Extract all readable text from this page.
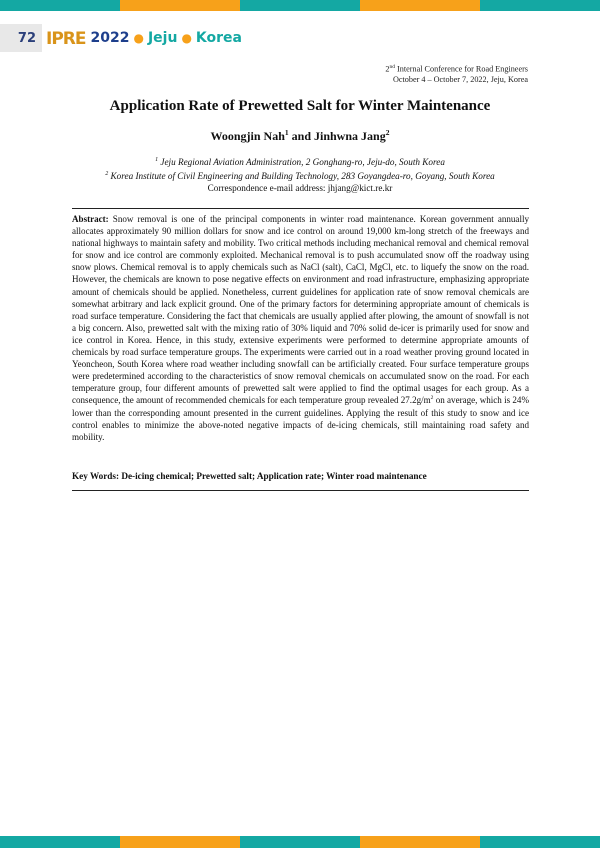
72 IPRE 2022 ● Jeju ● Korea
2nd Internal Conference for Road Engineers
October 4 – October 7, 2022, Jeju, Korea
Application Rate of Prewetted Salt for Winter Maintenance
Woongjin Nah$^1$ and Jinhwna Jang$^2$
$^1$ Jeju Regional Aviation Administration, 2 Gonghang-ro, Jeju-do, South Korea
$^2$ Korea Institute of Civil Engineering and Building Technology, 283 Goyangdea-ro, Goyang, South Korea
Correspondence e-mail address: jhjang@kict.re.kr
Abstract: Snow removal is one of the principal components in winter road maintenance. Korean government annually allocates approximately 90 million dollars for snow and ice control on around 19,000 km-long stretch of the freeways and national highways to maintain safety and mobility. Two critical methods including mechanical removal and chemical removal for snow and ice control are commonly exploited. Mechanical removal is to push accumulated snow off the roadway using snow plows. Chemical removal is to apply chemicals such as NaCl (salt), CaCl, MgCl, etc. to liquefy the snow on the road. However, the chemicals are known to pose negative effects on environment and road infrastructure, emphasizing appropriate amount of chemicals should be applied. Nonetheless, current guidelines for application rate of snow removal chemicals are somewhat arbitrary and lack explicit ground. One of the primary factors for determining appropriate amount of chemicals is road surface temperature. Considering the fact that chemicals are usually applied after plowing, the amount of snowfall is not a big concern. Also, prewetted salt with the mixing ratio of 30% liquid and 70% solid de-icer is primarily used for snow and ice control in Korea. Hence, in this study, extensive experiments were performed to determine appropriate amounts of chemicals by road surface temperature groups. The experiments were carried out in a road weather proving ground located in Yeoncheon, South Korea where road weather including snowfall can be artificially created. Four surface temperature groups were predetermined according to the characteristics of snow removal chemicals on accumulated snow on the road. For each temperature group, four different amounts of prewetted salt were applied to find the optimal usages for each group. As a consequence, the amount of recommended chemicals for each temperature group revealed $27.2g/m^2$ on average, which is 24% lower than the corresponding amount presented in the current guidelines. Applying the result of this study to snow and ice control enables to minimize the above-noted negative impacts of de-icing chemicals, still maintaining road safety and mobility.
Key Words: De-icing chemical; Prewetted salt; Application rate; Winter road maintenance
